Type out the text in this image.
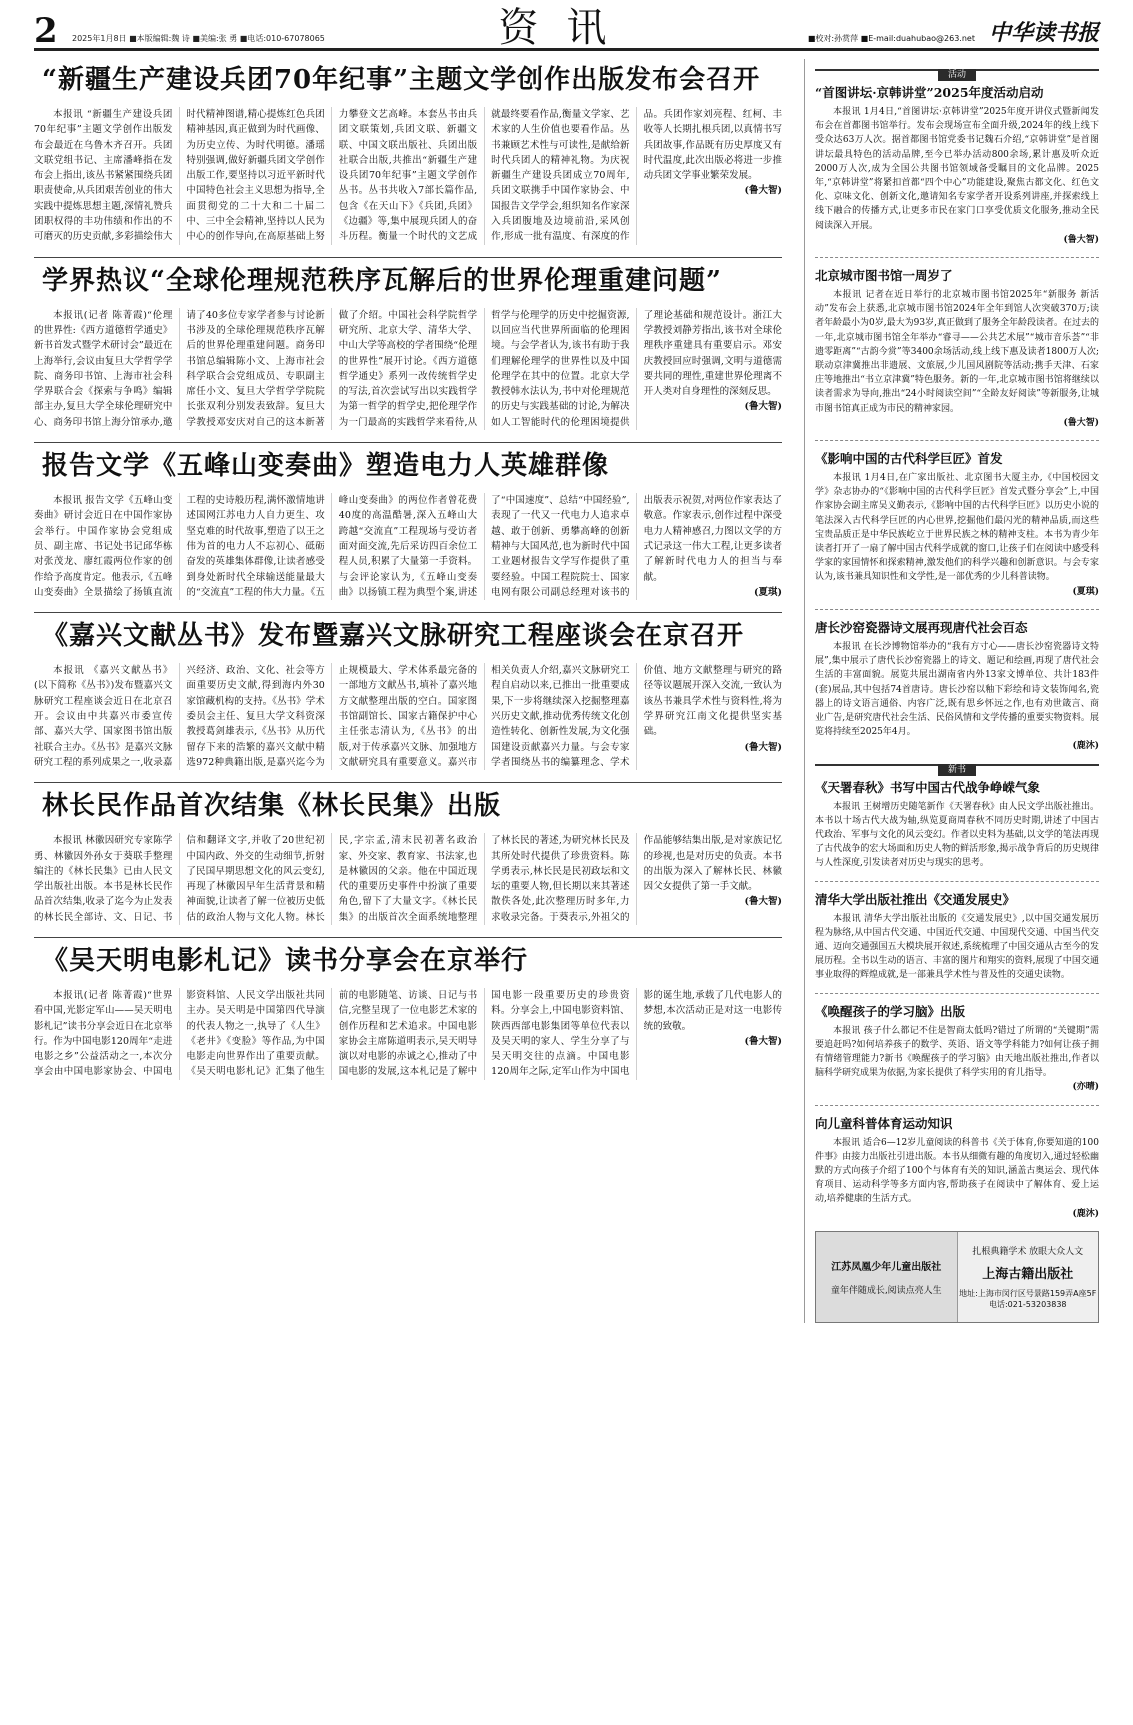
2	2025年1月8日 ■本版编辑:魏 诗 ■美编:张 勇 ■电话:010-67078065	资讯	■校对:孙赏萍 ■E-mail:duahubao@263.net 中华读书报
“新疆生产建设兵团70年纪事”主题文学创作出版发布会召开

本报讯 “新疆生产建设兵团70年纪事”主题文学创作出版发布会最近在乌鲁木齐召开。兵团文联党组书记、主席潘峰指在发布会上指出,该丛书紧紧围绕兵团职责使命,从兵团艰苦创业的伟大实践中提炼思想主题,深情礼赞兵团职权得的丰功伟绩和作出的不可磨灭的历史贡献,多彩描绘伟大时代精神图谱,精心提炼红色兵团精神基因,真正做到为时代画像、为历史立传、为时代明德。潘瑶特别强调,做好新疆兵团文学创作出版工作,要坚持以习近平新时代中国特色社会主义思想为指导,全面贯彻党的二十大和二十届二中、三中全会精神,坚持以人民为中心的创作导向,在高原基础上努力攀登文艺高峰。本套丛书由兵团文联策划,兵团文联、新疆文联、中国文联出版社、兵团出版社联合出版,共推出“新疆生产建设兵团70年纪事”主题文学创作丛书。丛书共收入7部长篇作品,包含《在天山下》《兵团,兵团》《边疆》等,集中展现兵团人的奋斗历程。衡量一个时代的文艺成就最终要看作品,衡量文学家、艺术家的人生价值也要看作品。丛书兼顾艺术性与可读性,是献给新时代兵团人的精神礼物。为庆祝新疆生产建设兵团成立70周年,兵团文联携手中国作家协会、中国报告文学学会,组织知名作家深入兵团腹地及边境前沿,采风创作,形成一批有温度、有深度的作品。兵团作家刘亮程、红柯、丰收等人长期扎根兵团,以真情书写兵团故事,作品既有历史厚度又有时代温度,此次出版必将进一步推动兵团文学事业繁荣发展。

(鲁大智)
学界热议“全球伦理规范秩序瓦解后的世界伦理重建问题”

本报讯(记者 陈菁霞)“伦理的世界性:《西方道德哲学通史》新书首发式暨学术研讨会”最近在上海举行,会议由复旦大学哲学学院、商务印书馆、上海市社会科学界联合会《探索与争鸣》编辑部主办,复旦大学全球伦理研究中心、商务印书馆上海分馆承办,邀请了40多位专家学者参与讨论新书涉及的全球伦理规范秩序瓦解后的世界伦理重建问题。商务印书馆总编辑陈小文、上海市社会科学联合会党组成员、专职副主席任小文、复旦大学哲学学院院长张双利分别发表致辞。复旦大学教授邓安庆对自己的这本新著做了介绍。中国社会科学院哲学研究所、北京大学、清华大学、中山大学等高校的学者围绕“伦理的世界性”展开讨论。《西方道德哲学通史》系列一改传统哲学史的写法,首次尝试写出以实践哲学为第一哲学的哲学史,把伦理学作为一门最高的实践哲学来看待,从哲学与伦理学的历史中挖掘资源,以回应当代世界所面临的伦理困境。与会学者认为,该书有助于我们理解伦理学的世界性以及中国伦理学在其中的位置。北京大学教授韩水法认为,书中对伦理规范的历史与实践基础的讨论,为解决如人工智能时代的伦理困境提供了理论基础和规范设计。浙江大学教授刘静芳指出,该书对全球伦理秩序重建具有重要启示。邓安庆教授回应时强调,文明与道德需要共同的理性,重建世界伦理离不开人类对自身理性的深刻反思。

(鲁大智)
报告文学《五峰山变奏曲》塑造电力人英雄群像

本报讯 报告文学《五峰山变奏曲》研讨会近日在中国作家协会举行。中国作家协会党组成员、副主席、书记处书记邱华栋对张茂龙、廖红霞两位作家的创作给予高度肯定。他表示,《五峰山变奏曲》全景描绘了扬镇直流工程的史诗般历程,满怀激情地讲述国网江苏电力人自力更生、攻坚克难的时代故事,塑造了以王之伟为首的电力人不忘初心、砥砺奋发的英雄集体群像,让读者感受到身处新时代全球输送能量最大的“交流直”工程的伟大力量。《五峰山变奏曲》的两位作者曾花费40度的高温酷暑,深入五峰山大跨越“交流直”工程现场与受访者面对面交流,先后采访四百余位工程人员,积累了大量第一手资料。与会评论家认为,《五峰山变奏曲》以扬镇工程为典型个案,讲述了“中国速度”、总结“中国经验”,表现了一代又一代电力人追求卓越、敢于创新、勇攀高峰的创新精神与大国风范,也为新时代中国工业题材报告文学写作提供了重要经验。中国工程院院士、国家电网有限公司副总经理对该书的出版表示祝贺,对两位作家表达了敬意。作家表示,创作过程中深受电力人精神感召,力图以文学的方式记录这一伟大工程,让更多读者了解新时代电力人的担当与奉献。

(夏琪)
《嘉兴文献丛书》发布暨嘉兴文脉研究工程座谈会在京召开

本报讯 《嘉兴文献丛书》(以下简称《丛书》)发布暨嘉兴文脉研究工程座谈会近日在北京召开。会议由中共嘉兴市委宣传部、嘉兴大学、国家图书馆出版社联合主办。《丛书》是嘉兴文脉研究工程的系列成果之一,收录嘉兴经济、政治、文化、社会等方面重要历史文献,得到海内外30家馆藏机构的支持。《丛书》学术委员会主任、复旦大学文科资深教授葛剑雄表示,《丛书》从历代留存下来的浩繁的嘉兴文献中精选972种典籍出版,是嘉兴迄今为止规模最大、学术体系最完备的一部地方文献丛书,填补了嘉兴地方文献整理出版的空白。国家图书馆副馆长、国家古籍保护中心主任张志清认为,《丛书》的出版,对于传承嘉兴文脉、加强地方文献研究具有重要意义。嘉兴市相关负责人介绍,嘉兴文脉研究工程自启动以来,已推出一批重要成果,下一步将继续深入挖掘整理嘉兴历史文献,推动优秀传统文化创造性转化、创新性发展,为文化强国建设贡献嘉兴力量。与会专家学者围绕丛书的编纂理念、学术价值、地方文献整理与研究的路径等议题展开深入交流,一致认为该丛书兼具学术性与资料性,将为学界研究江南文化提供坚实基础。

(鲁大智)
林长民作品首次结集《林长民集》出版

本报讯 林徽因研究专家陈学勇、林徽因外孙女于葵联手整理编注的《林长民集》已由人民文学出版社出版。本书是林长民作品首次结集,收录了迄今为止发表的林长民全部诗、文、日记、书信和翻译文字,并收了20世纪初中国内政、外交的生动细节,折射了民国早期思想文化的风云变幻,再现了林徽因早年生活背景和精神面貌,让读者了解一位被历史低估的政治人物与文化人物。林长民,字宗孟,清末民初著名政治家、外交家、教育家、书法家,也是林徽因的父亲。他在中国近现代的重要历史事件中扮演了重要角色,留下了大量文字。《林长民集》的出版首次全面系统地整理了林长民的著述,为研究林长民及其所处时代提供了珍贵资料。陈学勇表示,林长民是民初政坛和文坛的重要人物,但长期以来其著述散佚各处,此次整理历时多年,力求收录完备。于葵表示,外祖父的作品能够结集出版,是对家族记忆的珍视,也是对历史的负责。本书的出版为深入了解林长民、林徽因父女提供了第一手文献。

(鲁大智)
《吴天明电影札记》读书分享会在京举行

本报讯(记者 陈菁霞)“世界看中国,光影定军山——吴天明电影札记”读书分享会近日在北京举行。作为中国电影120周年“走进电影之乡”公益活动之一,本次分享会由中国电影家协会、中国电影资料馆、人民文学出版社共同主办。吴天明是中国第四代导演的代表人物之一,执导了《人生》《老井》《变脸》等作品,为中国电影走向世界作出了重要贡献。《吴天明电影札记》汇集了他生前的电影随笔、访谈、日记与书信,完整呈现了一位电影艺术家的创作历程和艺术追求。中国电影家协会主席陈道明表示,吴天明导演以对电影的赤诚之心,推动了中国电影的发展,这本札记是了解中国电影一段重要历史的珍贵资料。分享会上,中国电影资料馆、陕西西部电影集团等单位代表以及吴天明的家人、学生分享了与吴天明交往的点滴。中国电影120周年之际,定军山作为中国电影的诞生地,承载了几代电影人的梦想,本次活动正是对这一电影传统的致敬。

(鲁大智)
$^{活动}$
“首图讲坛·京韩讲堂”2025年度活动启动

本报讯 1月4日,“首图讲坛·京韩讲堂”2025年度开讲仪式暨新闻发布会在首都图书馆举行。发布会现场宣布全面升级,2024年的线上线下受众达63万人次。据首都图书馆党委书记魏石介绍,“京韩讲堂”是首图讲坛最具特色的活动品牌,至今已举办活动800余场,累计惠及听众近2000万人次,成为全国公共图书馆领域备受瞩目的文化品牌。2025年,“京韩讲堂”将紧扣首都“四个中心”功能建设,聚焦古都文化、红色文化、京味文化、创新文化,邀请知名专家学者开设系列讲座,并探索线上线下融合的传播方式,让更多市民在家门口享受优质文化服务,推动全民阅读深入开展。

(鲁大智)
北京城市图书馆一周岁了

本报讯 记者在近日举行的北京城市图书馆2025年“新服务 新活动”发布会上获悉,北京城市图书馆2024年全年到馆人次突破370万;读者年龄最小为0岁,最大为93岁,真正做到了服务全年龄段读者。在过去的一年,北京城市图书馆全年举办“睿寻——公共艺术展”“城市音乐荟”“非遗零距离”“古韵今赏”等3400余场活动,线上线下惠及读者1800万人次;联动京津冀推出非遗展、文旅展,少儿国风剧院等活动;携手天津、石家庄等地推出“书立京津冀”特色服务。新的一年,北京城市图书馆将继续以读者需求为导向,推出“24小时阅读空间”“全龄友好阅读”等新服务,让城市图书馆真正成为市民的精神家园。

(鲁大智)
《影响中国的古代科学巨匠》首发

本报讯 1月4日,在广家出版社、北京图书大厦主办,《中国校园文学》杂志协办的“《影响中国的古代科学巨匠》首发式暨分享会”上,中国作家协会副主席吴义勤表示,《影响中国的古代科学巨匠》以历史小说的笔法深入古代科学巨匠的内心世界,挖掘他们最闪光的精神品质,而这些宝贵品质正是中华民族屹立于世界民族之林的精神支柱。本书为青少年读者打开了一扇了解中国古代科学成就的窗口,让孩子们在阅读中感受科学家的家国情怀和探索精神,激发他们的科学兴趣和创新意识。与会专家认为,该书兼具知识性和文学性,是一部优秀的少儿科普读物。

(夏琪)
唐长沙窑瓷器诗文展再现唐代社会百态

本报讯 在长沙博物馆举办的“我有方寸心——唐长沙窑瓷器诗文特展”,集中展示了唐代长沙窑瓷器上的诗文、题记和绘画,再现了唐代社会生活的丰富面貌。展览共展出湖南省内外13家文博单位、共计183件(套)展品,其中包括74首唐诗。唐长沙窑以釉下彩绘和诗文装饰闻名,瓷器上的诗文语言通俗、内容广泛,既有思乡怀远之作,也有劝世箴言、商业广告,是研究唐代社会生活、民俗风情和文学传播的重要实物资料。展览将持续至2025年4月。

(鹿沐)
$^{新书}$
《天署春秋》书写中国古代战争峥嵘气象

本报讯 王树增历史随笔新作《天署春秋》由人民文学出版社推出。本书以十场古代大战为轴,纵览夏商周春秋不同历史时期,讲述了中国古代政治、军事与文化的风云变幻。作者以史料为基础,以文学的笔法再现了古代战争的宏大场面和历史人物的鲜活形象,揭示战争背后的历史规律与人性深度,引发读者对历史与现实的思考。

清华大学出版社推出《交通发展史》

本报讯 清华大学出版社出版的《交通发展史》,以中国交通发展历程为脉络,从中国古代交通、中国近代交通、中国现代交通、中国当代交通、迈向交通强国五大模块展开叙述,系统梳理了中国交通从古至今的发展历程。全书以生动的语言、丰富的图片和翔实的资料,展现了中国交通事业取得的辉煌成就,是一部兼具学术性与普及性的交通史读物。

《唤醒孩子的学习脑》出版

本报讯 孩子什么都记不住是智商太低吗?错过了所谓的“关键期”需要追赶吗?如何培养孩子的数学、英语、语文等学科能力?如何让孩子拥有情绪管理能力?新书《唤醒孩子的学习脑》由天地出版社推出,作者以脑科学研究成果为依据,为家长提供了科学实用的育儿指导。

(亦晴)
向儿童科普体育运动知识

本报讯 适合6—12岁儿童阅读的科普书《关于体育,你要知道的100件事》由接力出版社引进出版。本书从细微有趣的角度切入,通过轻松幽默的方式向孩子介绍了100个与体育有关的知识,涵盖古奥运会、现代体育项目、运动科学等多方面内容,帮助孩子在阅读中了解体育、爱上运动,培养健康的生活方式。

(鹿沐)
江苏凤凰少年儿童出版社
童年伴随成长,阅读点亮人生
扎根典籍学术 放眼大众人文
上海古籍出版社
地址:上海市闵行区号景路159弄A座5F
电话:021-53203838
